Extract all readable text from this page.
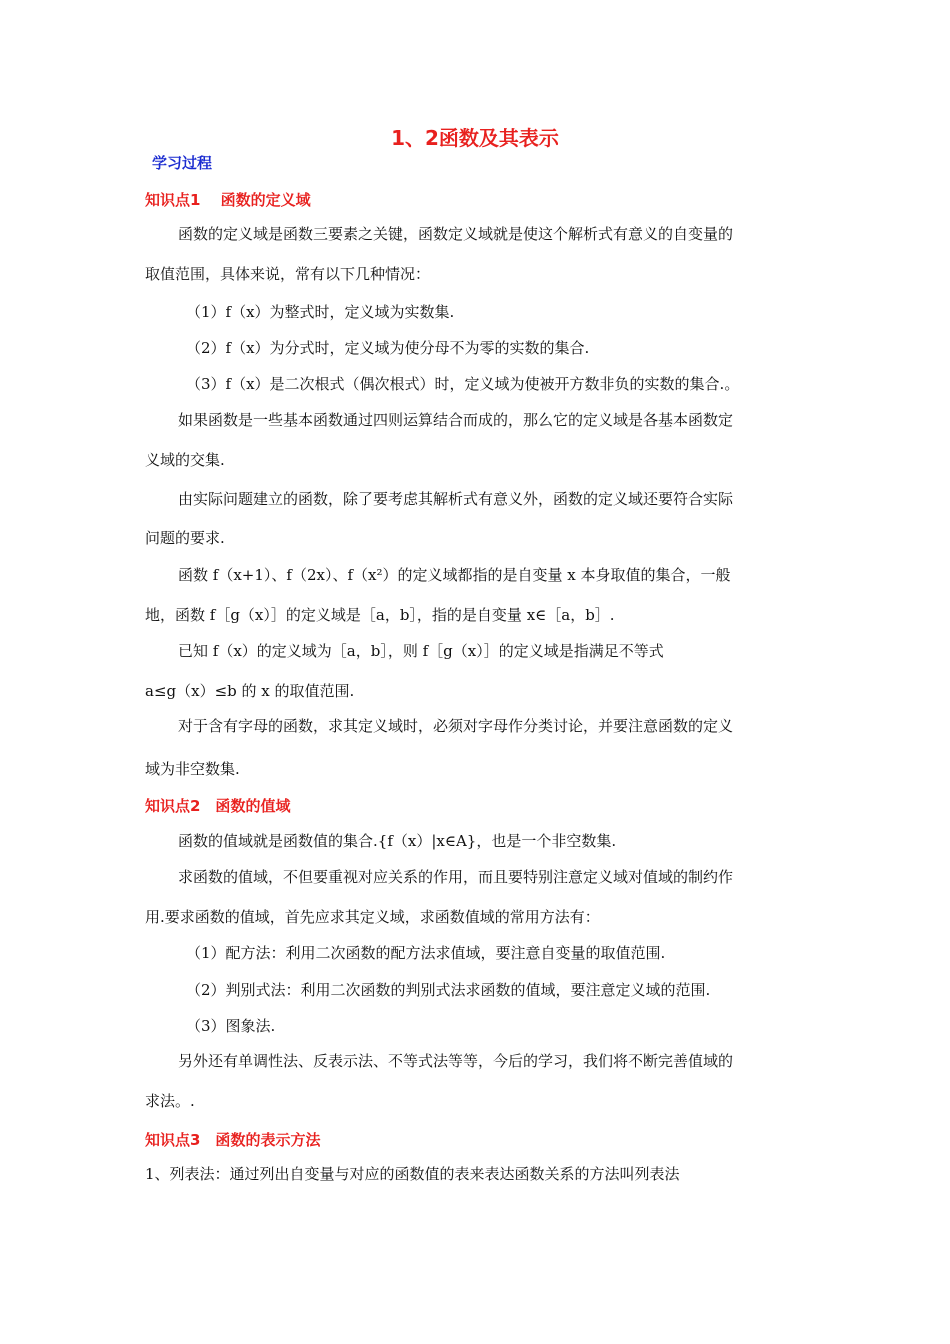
1、2函数及其表示
学习过程
知识点1　 函数的定义域
函数的定义域是函数三要素之关键，函数定义域就是使这个解析式有意义的自变量的
取值范围，具体来说，常有以下几种情况：
（1）f（x）为整式时，定义域为实数集.
（2）f（x）为分式时，定义域为使分母不为零的实数的集合.
（3）f（x）是二次根式（偶次根式）时，定义域为使被开方数非负的实数的集合.。
如果函数是一些基本函数通过四则运算结合而成的，那么它的定义域是各基本函数定
义域的交集.
由实际问题建立的函数，除了要考虑其解析式有意义外，函数的定义域还要符合实际
问题的要求.
函数 f（x+1）、f（2x）、f（x²）的定义域都指的是自变量 x 本身取值的集合，一般
地，函数 f［g（x）］的定义域是［a，b］，指的是自变量 x∈［a，b］.
已知 f（x）的定义域为［a，b］，则 f［g（x）］的定义域是指满足不等式
a≤g（x）≤b 的 x 的取值范围.
对于含有字母的函数，求其定义域时，必须对字母作分类讨论，并要注意函数的定义
域为非空数集.
知识点2　函数的值域
函数的值域就是函数值的集合.{f（x）|x∈A}，也是一个非空数集.
求函数的值域，不但要重视对应关系的作用，而且要特别注意定义域对值域的制约作
用.要求函数的值域，首先应求其定义域，求函数值域的常用方法有：
（1）配方法：利用二次函数的配方法求值域，要注意自变量的取值范围.
（2）判别式法：利用二次函数的判别式法求函数的值域，要注意定义域的范围.
（3）图象法.
另外还有单调性法、反表示法、不等式法等等，今后的学习，我们将不断完善值域的
求法。.
知识点3　函数的表示方法
1、列表法：通过列出自变量与对应的函数值的表来表达函数关系的方法叫列表法
